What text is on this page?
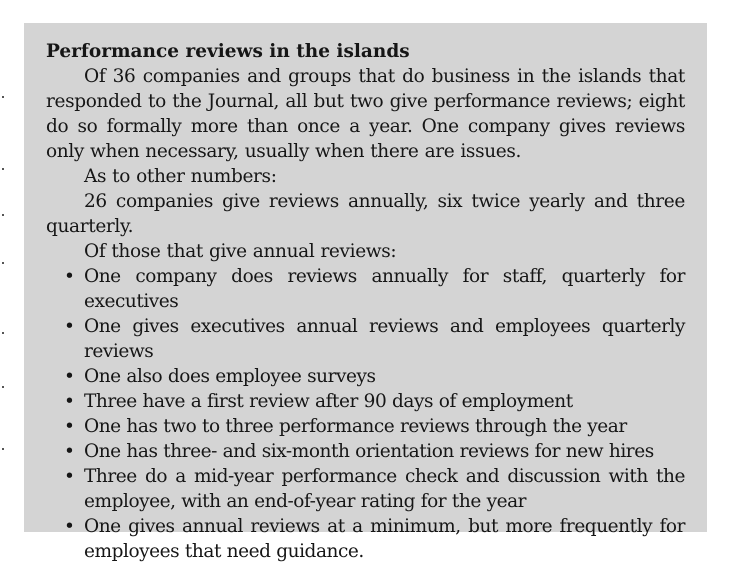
Performance reviews in the islands

Of 36 companies and groups that do business in the islands that responded to the Journal, all but two give performance reviews; eight do so formally more than once a year. One company gives reviews only when necessary, usually when there are issues.

As to other numbers:

26 companies give reviews annually, six twice yearly and three quarterly.

Of those that give annual reviews:

• One company does reviews annually for staff, quarterly for executives
• One gives executives annual reviews and employees quarterly reviews
• One also does employee surveys
• Three have a first review after 90 days of employment
• One has two to three performance reviews through the year
• One has three- and six-month orientation reviews for new hires
• Three do a mid-year performance check and discussion with the employee, with an end-of-year rating for the year
• One gives annual reviews at a minimum, but more frequently for employees that need guidance.
